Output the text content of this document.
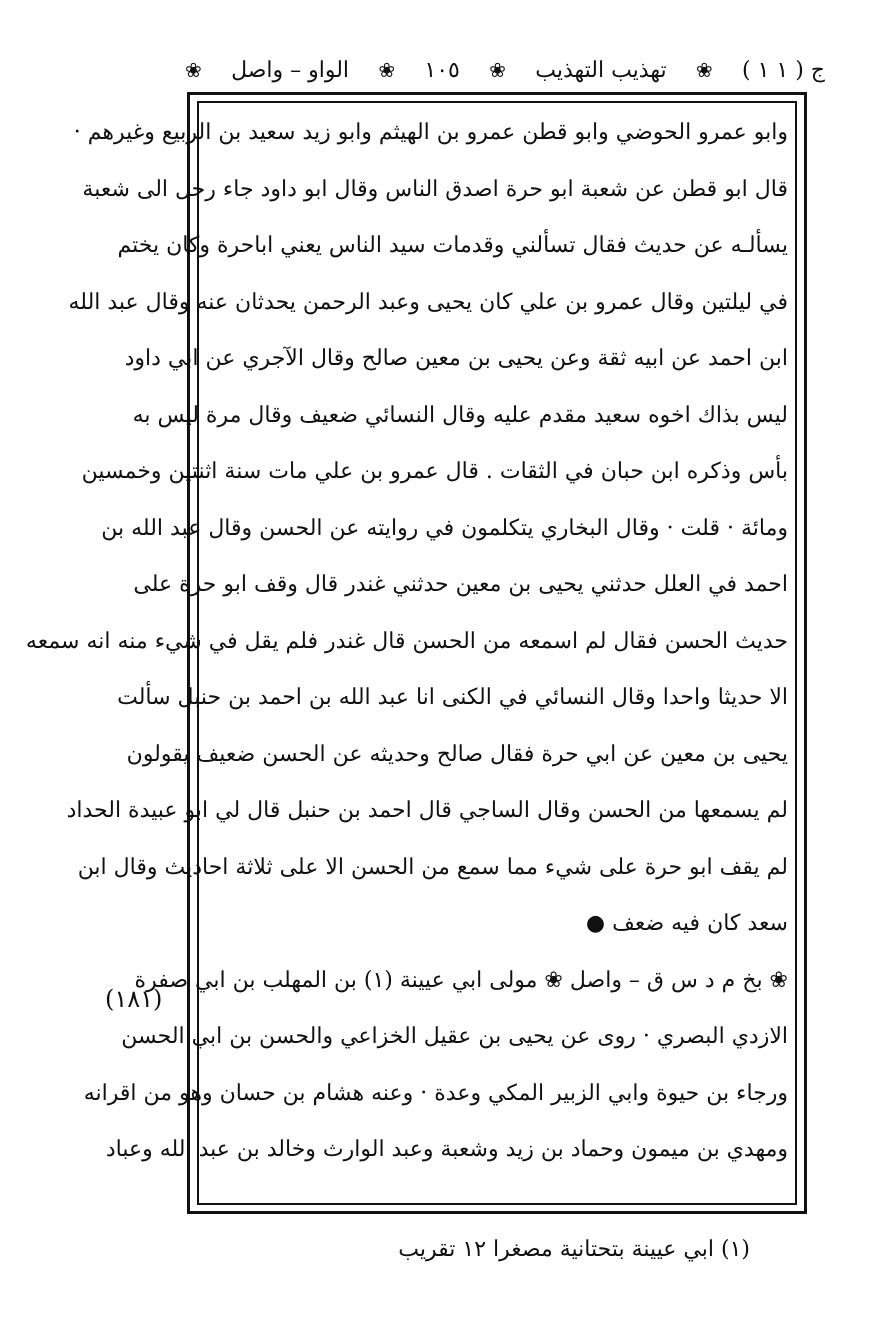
ج ( ١ ١ )
❀
تهذيب التهذيب
❀
١٠٥
❀
الواو – واصل
❀
وابو عمرو الحوضي وابو قطن عمرو بن الهيثم وابو زيد سعيد بن الربيع وغيرهم ·
قال ابو قطن عن شعبة ابو حرة اصدق الناس وقال ابو داود جاء رجل الى شعبة
يسألـه عن حديث فقال تسألني وقدمات سيد الناس يعني اباحرة وكان يختم
في ليلتين وقال عمرو بن علي كان يحيى وعبد الرحمن يحدثان عنه وقال عبد الله
ابن احمد عن ابيه ثقة وعن يحيى بن معين صالح وقال الآجري عن ابي داود
ليس بذاك اخوه سعيد مقدم عليه وقال النسائي ضعيف وقال مرة ليس به
بأس وذكره ابن حبان في الثقات . قال عمرو بن علي مات سنة اثنتين وخمسين
ومائة · قلت · وقال البخاري يتكلمون في روايته عن الحسن وقال عبد الله بن
احمد في العلل حدثني يحيى بن معين حدثني غندر قال وقف ابو حرة على
حديث الحسن فقال لم اسمعه من الحسن قال غندر فلم يقل في شيء منه انه سمعه
الا حديثا واحدا وقال النسائي في الكنى انا عبد الله بن احمد بن حنبل سألت
يحيى بن معين عن ابي حرة فقال صالح وحديثه عن الحسن ضعيف يقولون
لم يسمعها من الحسن وقال الساجي قال احمد بن حنبل قال لي ابو عبيدة الحداد
لم يقف ابو حرة على شيء مما سمع من الحسن الا على ثلاثة احاديث وقال ابن
سعد كان فيه ضعف ●
❀ بخ م د س ق – واصل ❀ مولى ابي عيينة (١) بن المهلب بن ابي صفرة
الازدي البصري · روى عن يحيى بن عقيل الخزاعي والحسن بن ابي الحسن
ورجاء بن حيوة وابي الزبير المكي وعدة · وعنه هشام بن حسان وهو من اقرانه
ومهدي بن ميمون وحماد بن زيد وشعبة وعبد الوارث وخالد بن عبد الله وعباد
(١٨١)
(١) ابي عيينة بتحتانية مصغرا ١٢ تقريب
